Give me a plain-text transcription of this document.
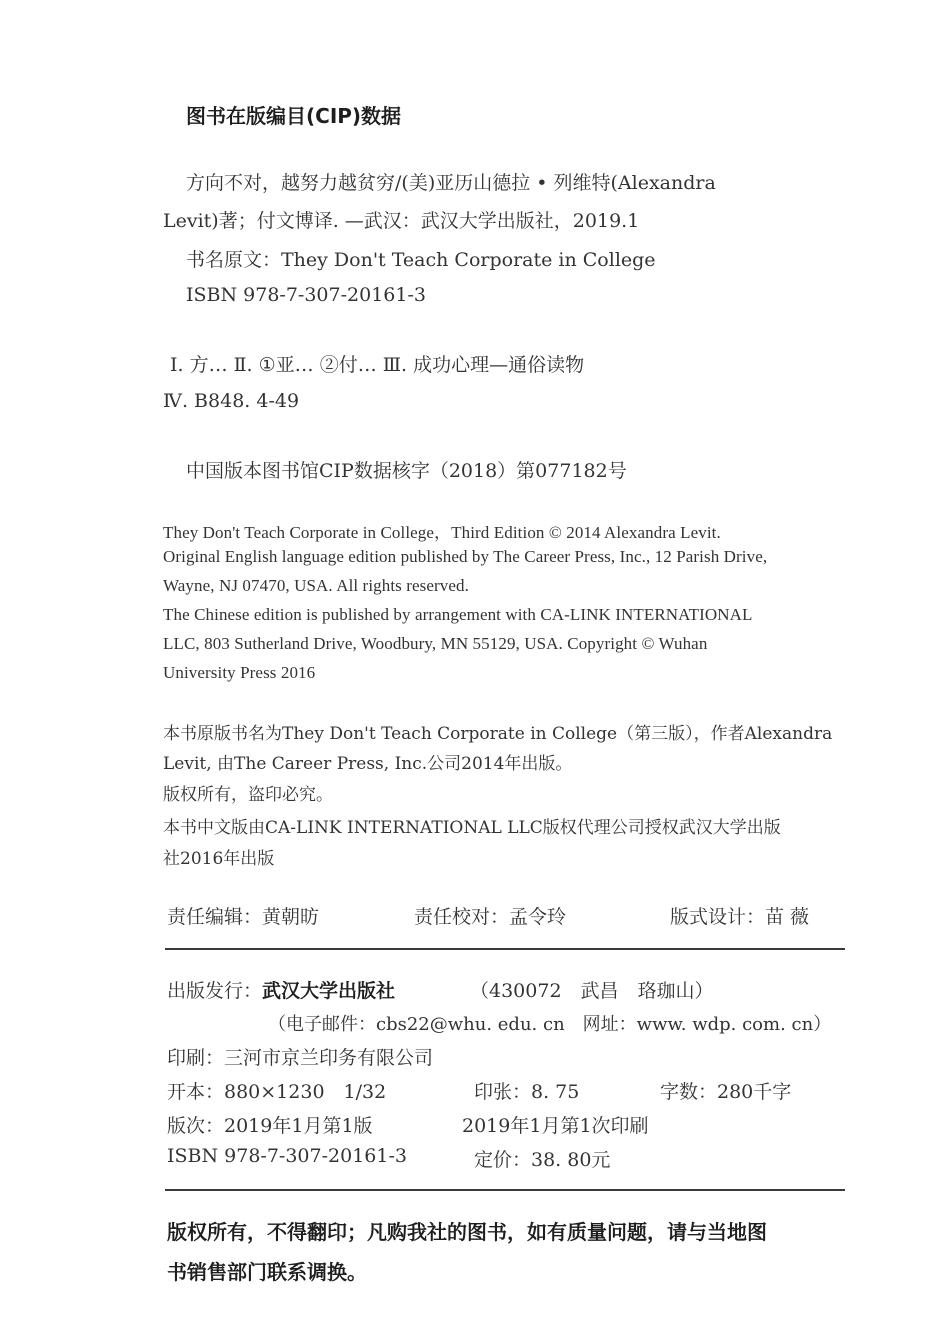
图书在版编目(CIP)数据
方向不对，越努力越贫穷/(美)亚历山德拉 • 列维特(Alexandra
Levit)著；付文博译. —武汉：武汉大学出版社，2019.1
书名原文：They Don't Teach Corporate in College
ISBN 978-7-307-20161-3
Ⅰ. 方… Ⅱ. ①亚… ②付… Ⅲ. 成功心理—通俗读物
Ⅳ. B848. 4-49
中国版本图书馆CIP数据核字（2018）第077182号
They Don't Teach Corporate in College，Third Edition © 2014 Alexandra Levit.
Original English language edition published by The Career Press, Inc., 12 Parish Drive,
Wayne, NJ 07470, USA. All rights reserved.
The Chinese edition is published by arrangement with CA-LINK INTERNATIONAL
LLC, 803 Sutherland Drive, Woodbury, MN 55129, USA. Copyright © Wuhan
University Press 2016
本书原版书名为They Don't Teach Corporate in College（第三版），作者Alexandra
Levit, 由The Career Press, Inc.公司2014年出版。
版权所有，盗印必究。
本书中文版由CA-LINK INTERNATIONAL LLC版权代理公司授权武汉大学出版
社2016年出版
责任编辑：黄朝昉	责任校对：孟令玲	版式设计：苗 薇
出版发行：武汉大学出版社	（430072　武昌　珞珈山）
（电子邮件：cbs22@whu. edu. cn　网址：www. wdp. com. cn）
印刷：三河市京兰印务有限公司
开本：880×1230　1/32	印张：8. 75	字数：280千字
版次：2019年1月第1版	2019年1月第1次印刷
ISBN 978-7-307-20161-3	定价：38. 80元
版权所有，不得翻印；凡购我社的图书，如有质量问题，请与当地图
书销售部门联系调换。
